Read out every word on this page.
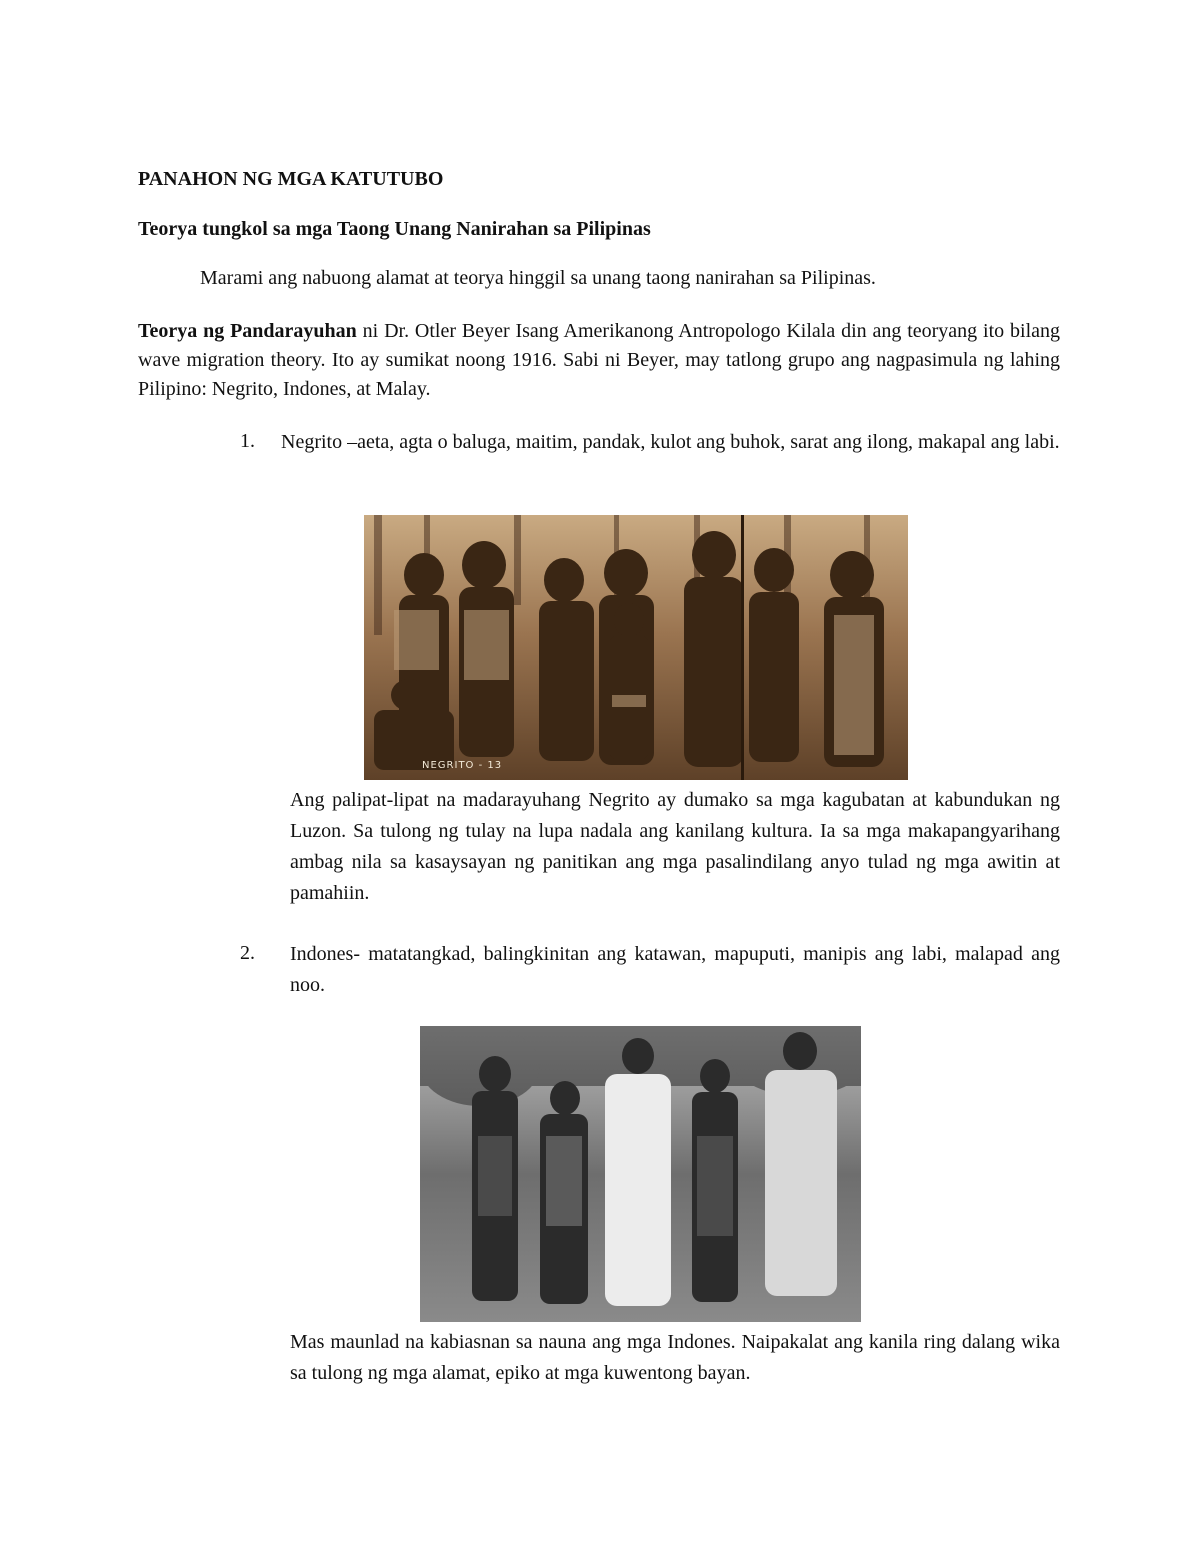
PANAHON NG MGA KATUTUBO
Teorya tungkol sa mga Taong Unang Nanirahan sa Pilipinas
Marami ang nabuong alamat at teorya hinggil sa unang taong nanirahan sa Pilipinas.
Teorya ng Pandarayuhan ni Dr. Otler Beyer Isang Amerikanong Antropologo Kilala din ang teoryang ito bilang wave migration theory. Ito ay sumikat noong 1916. Sabi ni Beyer, may tatlong grupo ang nagpasimula ng lahing Pilipino: Negrito, Indones, at Malay.
1. Negrito –aeta, agta o baluga, maitim, pandak, kulot ang buhok, sarat ang ilong, makapal ang labi.
NEGRITO - 13
Ang palipat-lipat na madarayuhang Negrito ay dumako sa mga kagubatan at kabundukan ng Luzon. Sa tulong ng tulay na lupa nadala ang kanilang kultura. Ia sa mga makapangyarihang ambag nila sa kasaysayan ng panitikan ang mga pasalindilang anyo tulad ng mga awitin at pamahiin.
2. Indones- matatangkad, balingkinitan ang katawan, mapuputi, manipis ang labi, malapad ang noo.
Mas maunlad na kabiasnan sa nauna ang mga Indones. Naipakalat ang kanila ring dalang wika sa tulong ng mga alamat, epiko at mga kuwentong bayan.
